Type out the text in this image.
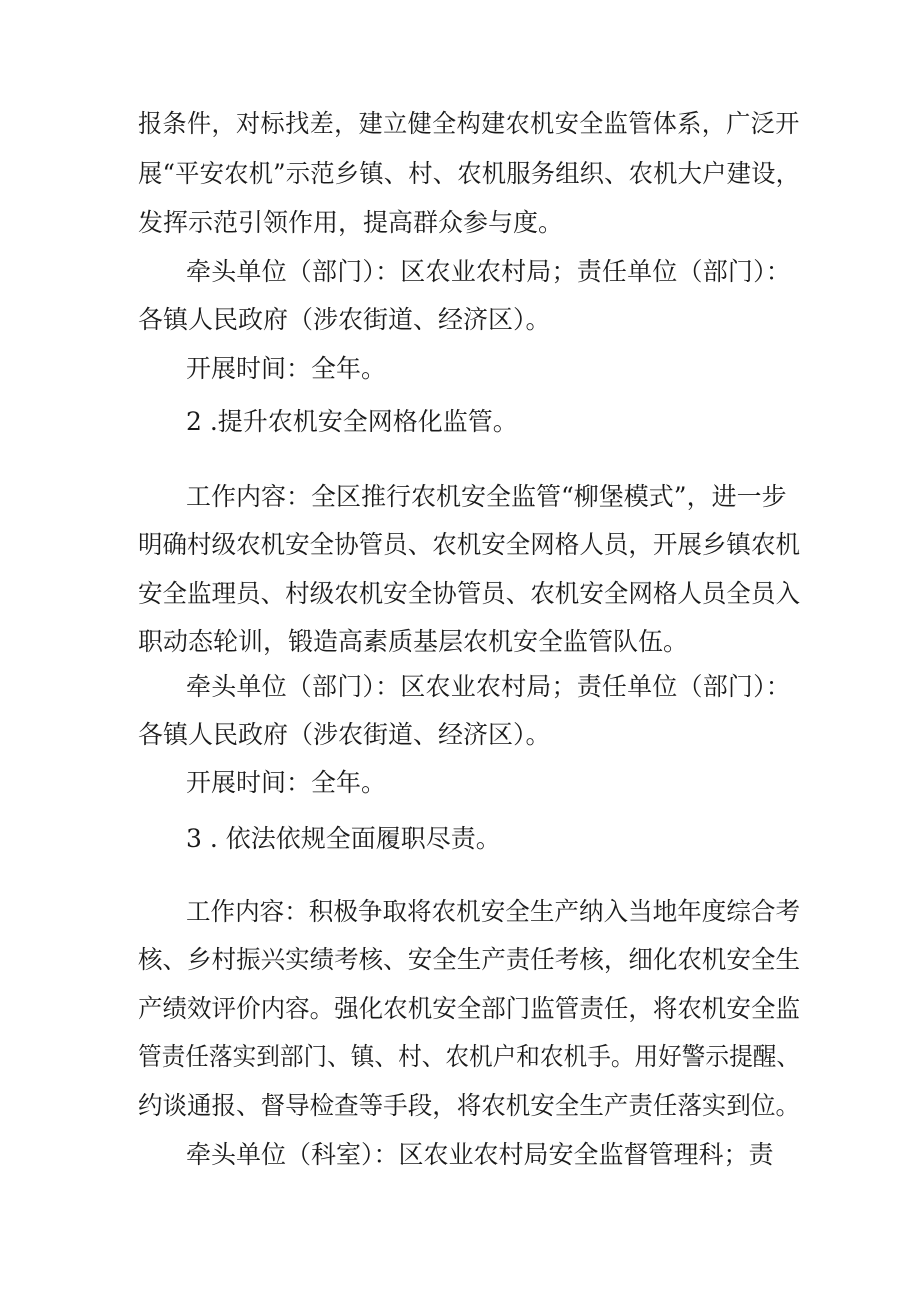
报条件，对标找差，建立健全构建农机安全监管体系，广泛开
展“平安农机”示范乡镇、村、农机服务组织、农机大户建设，
发挥示范引领作用，提高群众参与度。
牵头单位（部门）：区农业农村局；责任单位（部门）：
各镇人民政府（涉农街道、经济区）。
开展时间：全年。
2 .提升农机安全网格化监管。
工作内容：全区推行农机安全监管“柳堡模式”，进一步
明确村级农机安全协管员、农机安全网格人员，开展乡镇农机
安全监理员、村级农机安全协管员、农机安全网格人员全员入
职动态轮训，锻造高素质基层农机安全监管队伍。
牵头单位（部门）：区农业农村局；责任单位（部门）：
各镇人民政府（涉农街道、经济区）。
开展时间：全年。
3 . 依法依规全面履职尽责。
工作内容：积极争取将农机安全生产纳入当地年度综合考
核、乡村振兴实绩考核、安全生产责任考核，细化农机安全生
产绩效评价内容。强化农机安全部门监管责任，将农机安全监
管责任落实到部门、镇、村、农机户和农机手。用好警示提醒、
约谈通报、督导检查等手段，将农机安全生产责任落实到位。
牵头单位（科室）：区农业农村局安全监督管理科；责
